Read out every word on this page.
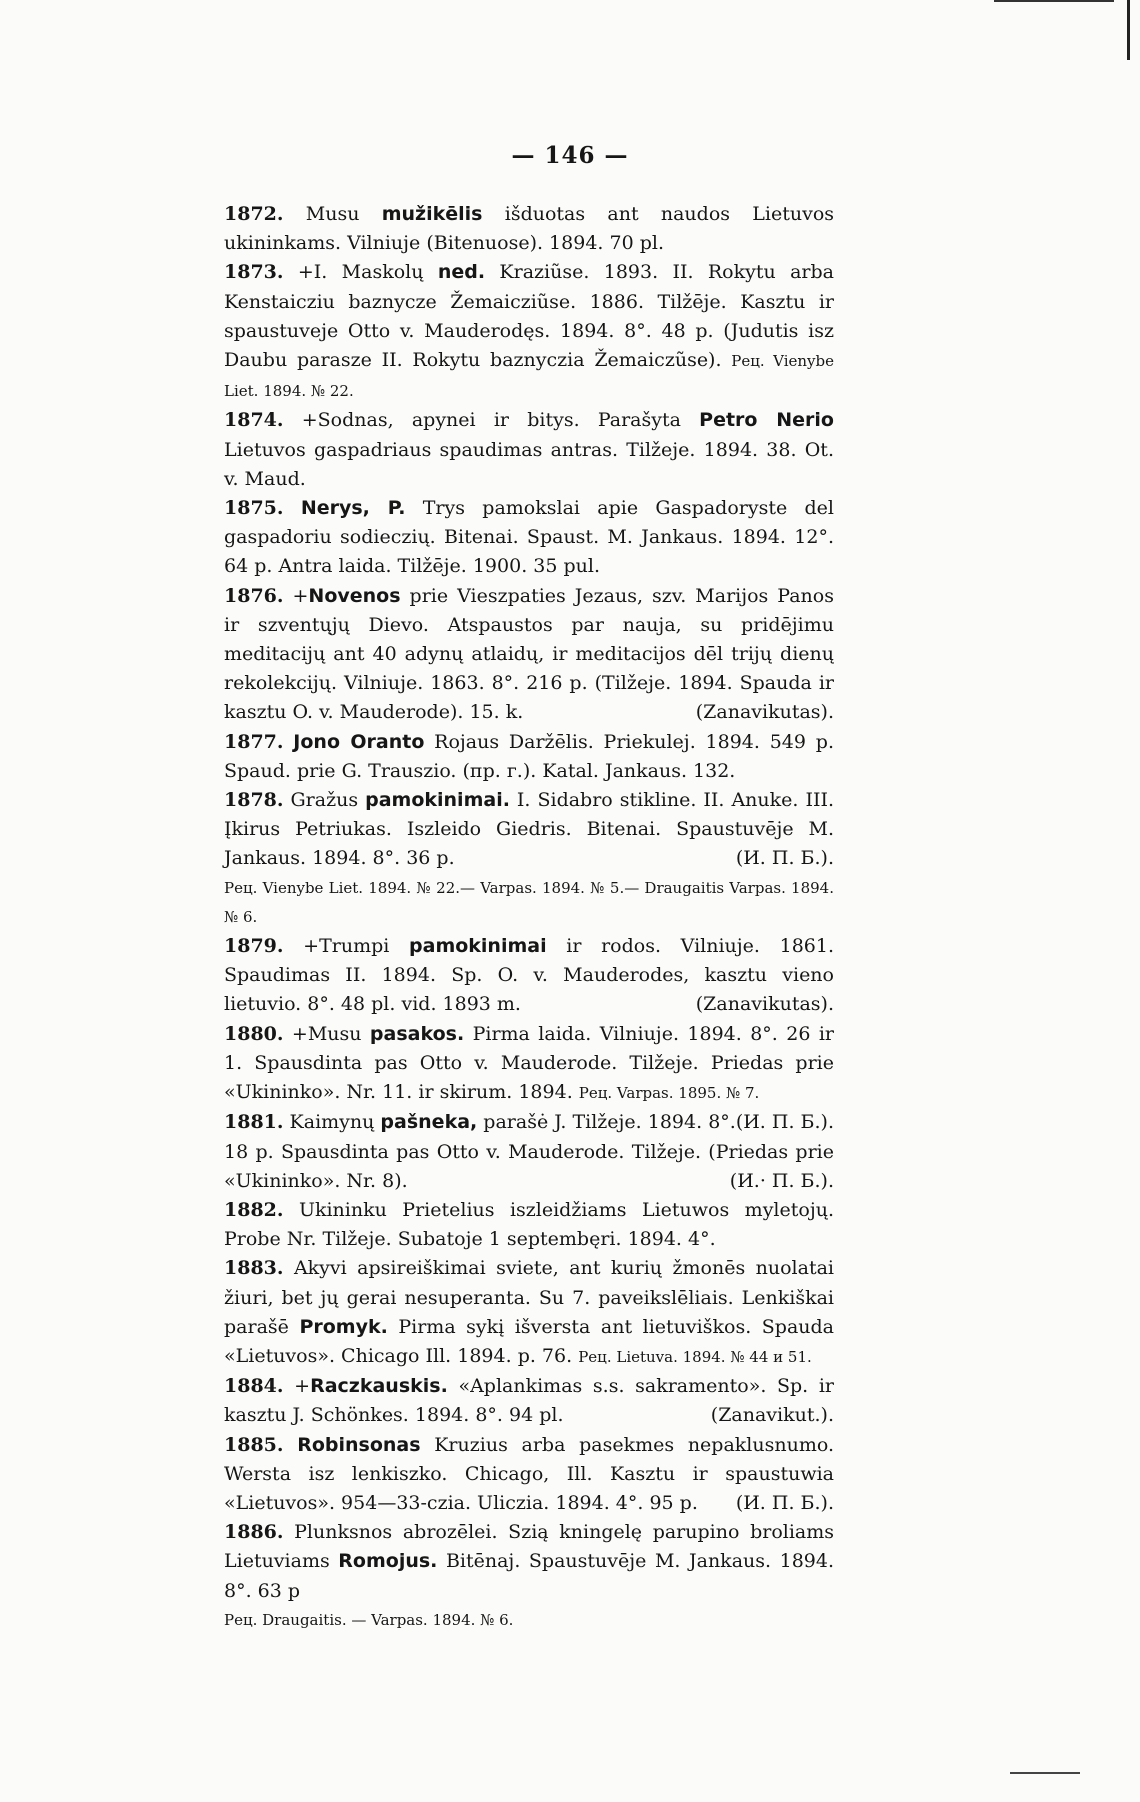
— 146 —

1872. Musu mužikēlis išduotas ant naudos Lietuvos ukininkams. Vilniuje (Bitenuose). 1894. 70 pl.

1873. +I. Maskolų ned. Kraziũse. 1893. II. Rokytu arba Kenstaicziu baznycze Žemaicziũse. 1886. Tilžēje. Kasztu ir spaustuveje Otto v. Mauderodęs. 1894. 8°. 48 p. (Judutis isz Daubu parasze II. Rokytu baznyczia Žemaiczũse). Рец. Vienybe Liet. 1894. № 22.

1874. +Sodnas, apynei ir bitys. Parašyta Petro Nerio Lietuvos gaspadriaus spaudimas antras. Tilžeje. 1894. 38. Ot. v. Maud.

1875. Nerys, P. Trys pamokslai apie Gaspadoryste del gaspadoriu sodieczių. Bitenai. Spaust. M. Jankaus. 1894. 12°. 64 p. Antra laida. Tilžēje. 1900. 35 pul.

1876. +Novenos prie Vieszpaties Jezaus, szv. Marijos Panos ir szventųjų Dievo. Atspaustos par nauja, su pridējimu meditacijų ant 40 adynų atlaidų, ir meditacijos dēl trijų dienų rekolekcijų. Vilniuje. 1863. 8°. 216 p. (Tilžeje. 1894. Spauda ir kasztu O. v. Mauderode). 15. k.	(Zanavikutas).

1877. Jono Oranto Rojaus Daržēlis. Priekulej. 1894. 549 p. Spaud. prie G. Trauszio. (пр. г.). Katal. Jankaus. 132.

1878. Gražus pamokinimai. I. Sidabro stikline. II. Anuke. III. Įkirus Petriukas. Iszleido Giedris. Bitenai. Spaustuvēje M. Jankaus. 1894. 8°. 36 p.	(И. П. Б.).

Рец. Vienybe Liet. 1894. № 22.— Varpas. 1894. № 5.— Draugaitis Varpas. 1894. № 6.

1879. +Trumpi pamokinimai ir rodos. Vilniuje. 1861. Spaudimas II. 1894. Sp. O. v. Mauderodes, kasztu vieno lietuvio. 8°. 48 pl. vid. 1893 m.	(Zanavikutas).

1880. +Musu pasakos. Pirma laida. Vilniuje. 1894. 8°. 26 ir 1. Spausdinta pas Otto v. Mauderode. Tilžeje. Priedas prie «Ukininko». Nr. 11. ir skirum. 1894. Рец. Varpas. 1895. № 7.
(И. П. Б.).

1881. Kaimynų pašneka, parašė J. Tilžeje. 1894. 8°. 18 p. Spausdinta pas Otto v. Mauderode. Tilžeje. (Priedas prie «Ukininko». Nr. 8).	(И.· П. Б.).

1882. Ukininku Prietelius iszleidžiams Lietuwos myletojų. Probe Nr. Tilžeje. Subatoje 1 septembęri. 1894. 4°.

1883. Akyvi apsireiškimai sviete, ant kurių žmonēs nuolatai žiuri, bet jų gerai nesuperanta. Su 7. paveikslēliais. Lenkiškai parašē Promyk. Pirma sykį išversta ant lietuviškos. Spauda «Lietuvos». Chicago Ill. 1894. p. 76. Рец. Lietuva. 1894. № 44 и 51.

1884. +Raczkauskis. «Aplankimas s.s. sakramento». Sp. ir kasztu J. Schönkes. 1894. 8°. 94 pl.	(Zanavikut.).

1885. Robinsonas Kruzius arba pasekmes nepaklusnumo. Wersta isz lenkiszko. Chicago, Ill. Kasztu ir spaustuwia «Lietuvos». 954—33-czia. Uliczia. 1894. 4°. 95 p. (И. П. Б.).

1886. Plunksnos abrozēlei. Szią kningelę parupino broliams Lietuviams Romojus. Bitēnaj. Spaustuvēje M. Jankaus. 1894. 8°. 63 p

Рец. Draugaitis. — Varpas. 1894. № 6.
